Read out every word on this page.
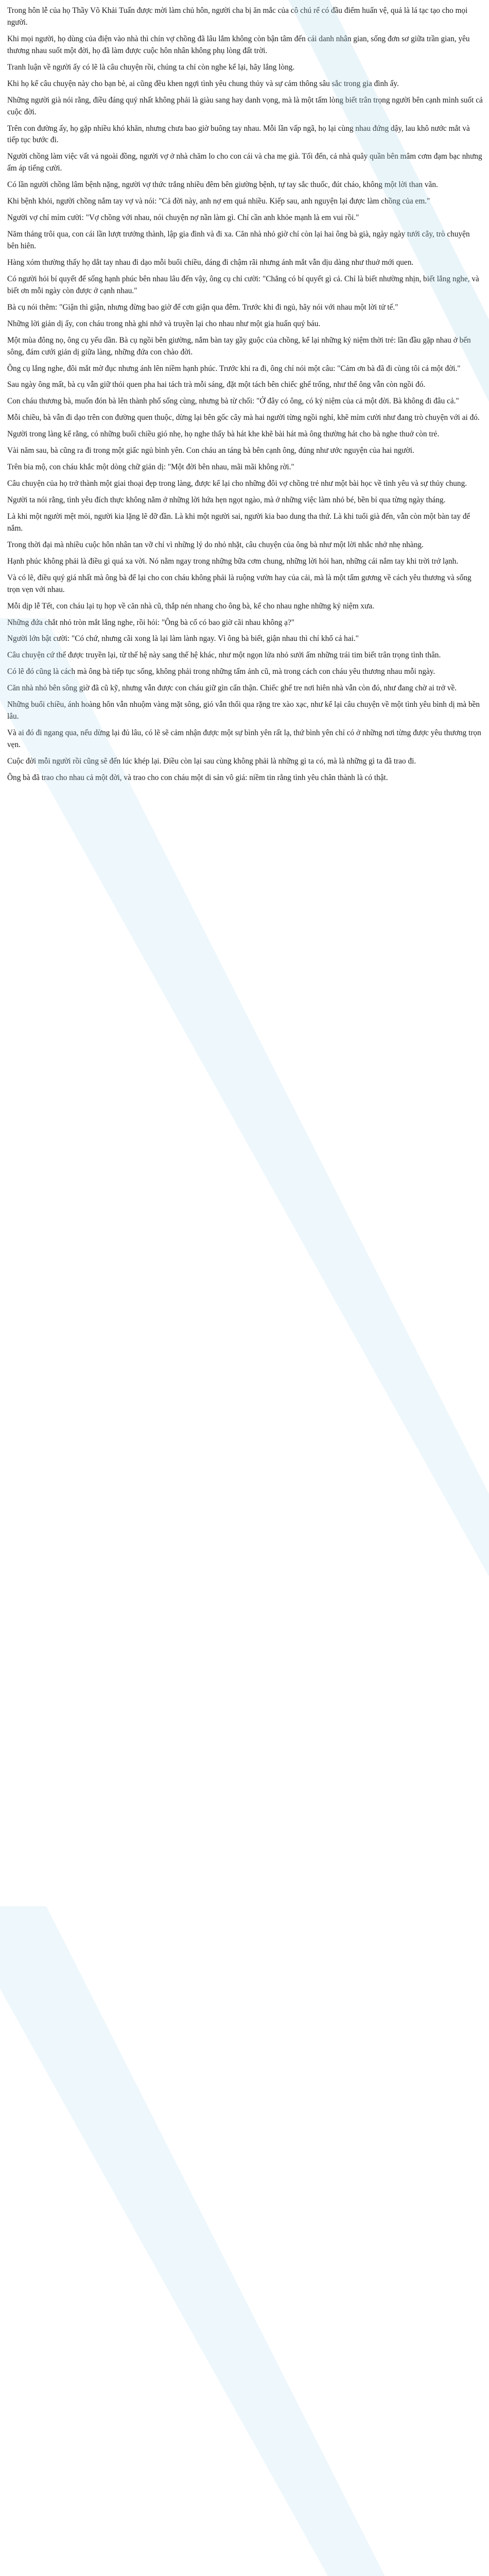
Trong hôn lễ của họ Thầy Võ Khải Tuấn được mời làm chủ hôn, người cha bị ăn mắc của cô chú rể có đầu điểm huấn vệ, quả là lá tạc tạo cho mọi người.

Khi mọi người, họ dùng của điện vào nhà thì chín vợ chồng đã lâu lắm không còn bận tâm đến cái danh nhân gian, sống đơn sơ giữa trần gian, yêu thương nhau suốt một đời, họ đã làm được cuộc hôn nhân không phụ lòng đất trời.

Tranh luận về người ấy có lẽ là câu chuyện rồi, chúng ta chỉ còn nghe kể lại, hãy lắng lòng.

Khi họ kể câu chuyện này cho bạn bè, ai cũng đều khen ngợi tình yêu chung thủy và sự cảm thông sâu sắc trong gia đình ấy.

Những người già nói rằng, điều đáng quý nhất không phải là giàu sang hay danh vọng, mà là một tấm lòng biết trân trọng người bên cạnh mình suốt cả cuộc đời.

Trên con đường ấy, họ gặp nhiều khó khăn, nhưng chưa bao giờ buông tay nhau. Mỗi lần vấp ngã, họ lại cùng nhau đứng dậy, lau khô nước mắt và tiếp tục bước đi.

Người chồng làm việc vất vả ngoài đồng, người vợ ở nhà chăm lo cho con cái và cha mẹ già. Tối đến, cả nhà quây quần bên mâm cơm đạm bạc nhưng ấm áp tiếng cười.

Có lần người chồng lâm bệnh nặng, người vợ thức trắng nhiều đêm bên giường bệnh, tự tay sắc thuốc, đút cháo, không một lời than vãn.

Khi bệnh khỏi, người chồng nắm tay vợ và nói: "Cả đời này, anh nợ em quá nhiều. Kiếp sau, anh nguyện lại được làm chồng của em."

Người vợ chỉ mỉm cười: "Vợ chồng với nhau, nói chuyện nợ nần làm gì. Chỉ cần anh khỏe mạnh là em vui rồi."

Năm tháng trôi qua, con cái lần lượt trưởng thành, lập gia đình và đi xa. Căn nhà nhỏ giờ chỉ còn lại hai ông bà già, ngày ngày tưới cây, trò chuyện bên hiên.

Hàng xóm thường thấy họ dắt tay nhau đi dạo mỗi buổi chiều, dáng đi chậm rãi nhưng ánh mắt vẫn dịu dàng như thuở mới quen.

Có người hỏi bí quyết để sống hạnh phúc bên nhau lâu đến vậy, ông cụ chỉ cười: "Chẳng có bí quyết gì cả. Chỉ là biết nhường nhịn, biết lắng nghe, và biết ơn mỗi ngày còn được ở cạnh nhau."

Bà cụ nói thêm: "Giận thì giận, nhưng đừng bao giờ để cơn giận qua đêm. Trước khi đi ngủ, hãy nói với nhau một lời tử tế."

Những lời giản dị ấy, con cháu trong nhà ghi nhớ và truyền lại cho nhau như một gia huấn quý báu.

Một mùa đông nọ, ông cụ yếu dần. Bà cụ ngồi bên giường, nắm bàn tay gầy guộc của chồng, kể lại những kỷ niệm thời trẻ: lần đầu gặp nhau ở bến sông, đám cưới giản dị giữa làng, những đứa con chào đời.

Ông cụ lắng nghe, đôi mắt mờ đục nhưng ánh lên niềm hạnh phúc. Trước khi ra đi, ông chỉ nói một câu: "Cảm ơn bà đã đi cùng tôi cả một đời."

Sau ngày ông mất, bà cụ vẫn giữ thói quen pha hai tách trà mỗi sáng, đặt một tách bên chiếc ghế trống, như thể ông vẫn còn ngồi đó.

Con cháu thương bà, muốn đón bà lên thành phố sống cùng, nhưng bà từ chối: "Ở đây có ông, có kỷ niệm của cả một đời. Bà không đi đâu cả."

Mỗi chiều, bà vẫn đi dạo trên con đường quen thuộc, dừng lại bên gốc cây mà hai người từng ngồi nghỉ, khẽ mỉm cười như đang trò chuyện với ai đó.

Người trong làng kể rằng, có những buổi chiều gió nhẹ, họ nghe thấy bà hát khe khẽ bài hát mà ông thường hát cho bà nghe thuở còn trẻ.

Vài năm sau, bà cũng ra đi trong một giấc ngủ bình yên. Con cháu an táng bà bên cạnh ông, đúng như ước nguyện của hai người.

Trên bia mộ, con cháu khắc một dòng chữ giản dị: "Một đời bên nhau, mãi mãi không rời."

Câu chuyện của họ trở thành một giai thoại đẹp trong làng, được kể lại cho những đôi vợ chồng trẻ như một bài học về tình yêu và sự thủy chung.

Người ta nói rằng, tình yêu đích thực không nằm ở những lời hứa hẹn ngọt ngào, mà ở những việc làm nhỏ bé, bền bỉ qua từng ngày tháng.

Là khi một người mệt mỏi, người kia lặng lẽ đỡ đần. Là khi một người sai, người kia bao dung tha thứ. Là khi tuổi già đến, vẫn còn một bàn tay để nắm.

Trong thời đại mà nhiều cuộc hôn nhân tan vỡ chỉ vì những lý do nhỏ nhặt, câu chuyện của ông bà như một lời nhắc nhở nhẹ nhàng.

Hạnh phúc không phải là điều gì quá xa vời. Nó nằm ngay trong những bữa cơm chung, những lời hỏi han, những cái nắm tay khi trời trở lạnh.

Và có lẽ, điều quý giá nhất mà ông bà để lại cho con cháu không phải là ruộng vườn hay của cải, mà là một tấm gương về cách yêu thương và sống trọn vẹn với nhau.

Mỗi dịp lễ Tết, con cháu lại tụ họp về căn nhà cũ, thắp nén nhang cho ông bà, kể cho nhau nghe những kỷ niệm xưa.

Những đứa chắt nhỏ tròn mắt lắng nghe, rồi hỏi: "Ông bà cố có bao giờ cãi nhau không ạ?"

Người lớn bật cười: "Có chứ, nhưng cãi xong là lại làm lành ngay. Vì ông bà biết, giận nhau thì chỉ khổ cả hai."

Câu chuyện cứ thế được truyền lại, từ thế hệ này sang thế hệ khác, như một ngọn lửa nhỏ sưởi ấm những trái tim biết trân trọng tình thân.

Có lẽ đó cũng là cách mà ông bà tiếp tục sống, không phải trong những tấm ảnh cũ, mà trong cách con cháu yêu thương nhau mỗi ngày.

Căn nhà nhỏ bên sông giờ đã cũ kỹ, nhưng vẫn được con cháu giữ gìn cẩn thận. Chiếc ghế tre nơi hiên nhà vẫn còn đó, như đang chờ ai trở về.

Những buổi chiều, ánh hoàng hôn vẫn nhuộm vàng mặt sông, gió vẫn thổi qua rặng tre xào xạc, như kể lại câu chuyện về một tình yêu bình dị mà bền lâu.

Và ai đó đi ngang qua, nếu dừng lại đủ lâu, có lẽ sẽ cảm nhận được một sự bình yên rất lạ, thứ bình yên chỉ có ở những nơi từng được yêu thương trọn vẹn.

Cuộc đời mỗi người rồi cũng sẽ đến lúc khép lại. Điều còn lại sau cùng không phải là những gì ta có, mà là những gì ta đã trao đi.

Ông bà đã trao cho nhau cả một đời, và trao cho con cháu một di sản vô giá: niềm tin rằng tình yêu chân thành là có thật.
